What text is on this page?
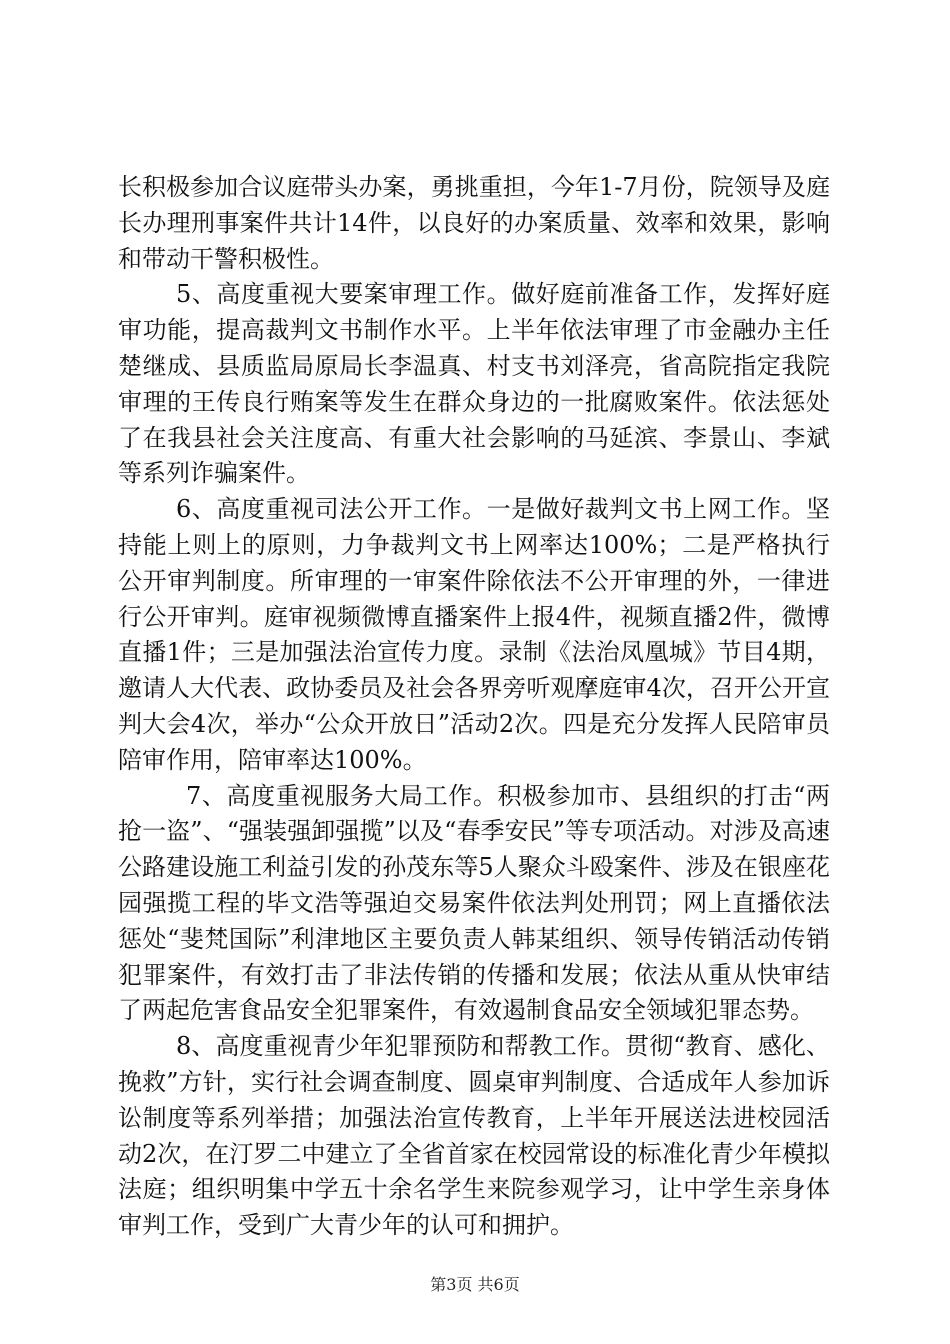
长积极参加合议庭带头办案，勇挑重担，今年1-7月份，院领导及庭长办理刑事案件共计14件，以良好的办案质量、效率和效果，影响和带动干警积极性。

5、高度重视大要案审理工作。做好庭前准备工作，发挥好庭审功能，提高裁判文书制作水平。上半年依法审理了市金融办主任楚继成、县质监局原局长李温真、村支书刘泽亮，省高院指定我院审理的王传良行贿案等发生在群众身边的一批腐败案件。依法惩处了在我县社会关注度高、有重大社会影响的马延滨、李景山、李斌等系列诈骗案件。

6、高度重视司法公开工作。一是做好裁判文书上网工作。坚持能上则上的原则，力争裁判文书上网率达100%；二是严格执行公开审判制度。所审理的一审案件除依法不公开审理的外，一律进行公开审判。庭审视频微博直播案件上报4件，视频直播2件，微博直播1件；三是加强法治宣传力度。录制《法治凤凰城》节目4期，邀请人大代表、政协委员及社会各界旁听观摩庭审4次，召开公开宣判大会4次，举办“公众开放日”活动2次。四是充分发挥人民陪审员陪审作用，陪审率达100%。

7、高度重视服务大局工作。积极参加市、县组织的打击“两抢一盗”、“强装强卸强揽”以及“春季安民”等专项活动。对涉及高速公路建设施工利益引发的孙茂东等5人聚众斗殴案件、涉及在银座花园强揽工程的毕文浩等强迫交易案件依法判处刑罚；网上直播依法惩处“斐梵国际”利津地区主要负责人韩某组织、领导传销活动传销犯罪案件，有效打击了非法传销的传播和发展；依法从重从快审结了两起危害食品安全犯罪案件，有效遏制食品安全领域犯罪态势。

8、高度重视青少年犯罪预防和帮教工作。贯彻“教育、感化、挽救”方针，实行社会调查制度、圆桌审判制度、合适成年人参加诉讼制度等系列举措；加强法治宣传教育，上半年开展送法进校园活动2次，在汀罗二中建立了全省首家在校园常设的标准化青少年模拟法庭；组织明集中学五十余名学生来院参观学习，让中学生亲身体审判工作，受到广大青少年的认可和拥护。

第3页 共6页
